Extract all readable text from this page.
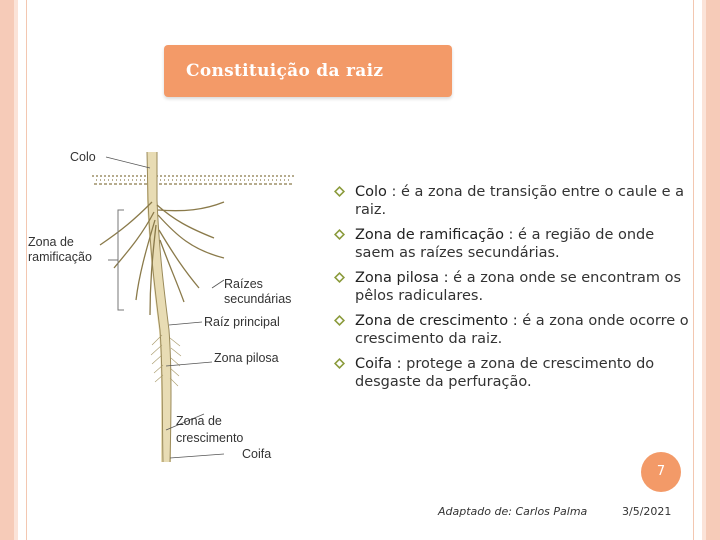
Constituição da raiz
Colo
Zona de
ramificação
Raízes
secundárias
Raíz principal
Zona pilosa
Zona de
crescimento
Coifa
Colo : é a zona de transição entre o caule e a raiz.
Zona de ramificação : é a região de onde saem as raízes secundárias.
Zona pilosa : é a zona onde se encontram os pêlos radiculares.
Zona de crescimento : é a zona onde ocorre o crescimento da raiz.
Coifa : protege a zona de crescimento do desgaste da perfuração.
7
Adaptado de: Carlos Palma	3/5/2021
